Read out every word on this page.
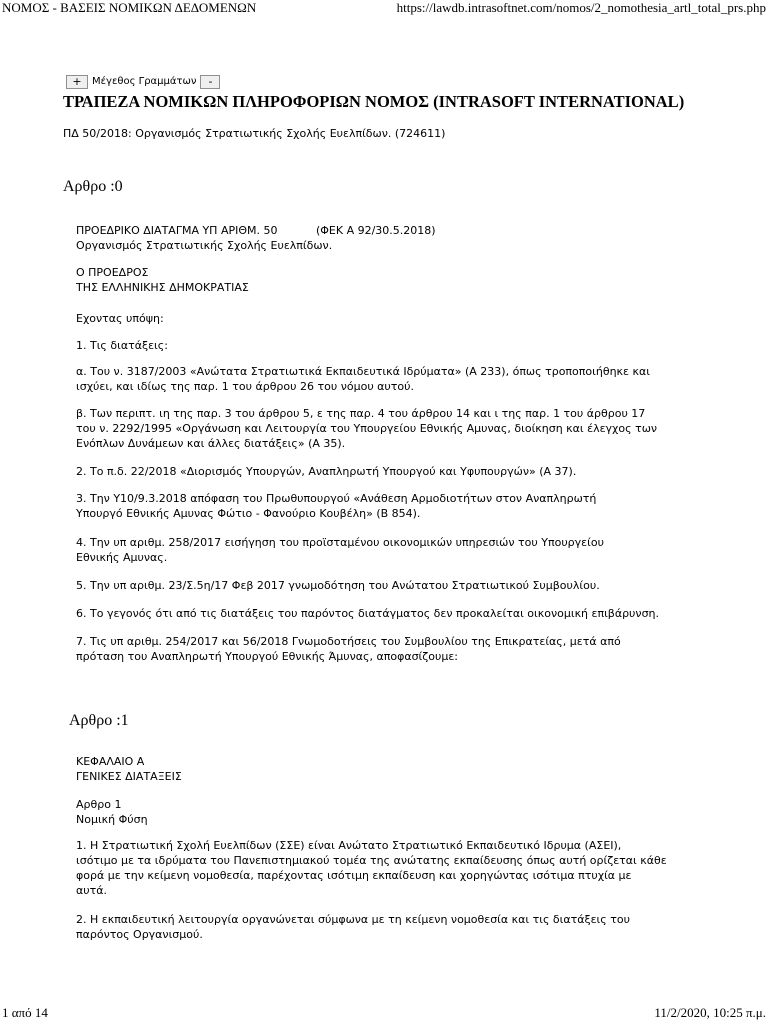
ΝΟΜΟΣ - ΒΑΣΕΙΣ ΝΟΜΙΚΩΝ ΔΕΔΟΜΕΝΩΝ	https://lawdb.intrasoftnet.com/nomos/2_nomothesia_artl_total_prs.php
+ Μέγεθος Γραμμάτων -
ΤΡΑΠΕΖΑ ΝΟΜΙΚΩΝ ΠΛΗΡΟΦΟΡΙΩΝ ΝΟΜΟΣ (INTRASOFT INTERNATIONAL)
ΠΔ 50/2018: Οργανισμός Στρατιωτικής Σχολής Ευελπίδων. (724611)
Αρθρο :0
ΠΡΟΕΔΡΙΚΟ ΔΙΑΤΑΓΜΑ ΥΠ ΑΡΙΘΜ. 50           (ΦΕΚ Α 92/30.5.2018)
Οργανισμός Στρατιωτικής Σχολής Ευελπίδων.
Ο ΠΡΟΕΔΡΟΣ
ΤΗΣ ΕΛΛΗΝΙΚΗΣ ΔΗΜΟΚΡΑΤΙΑΣ
Εχοντας υπόψη:
1. Τις διατάξεις:
α. Του ν. 3187/2003 «Ανώτατα Στρατιωτικά Εκπαιδευτικά Ιδρύματα» (Α 233), όπως τροποποιήθηκε και
ισχύει, και ιδίως της παρ. 1 του άρθρου 26 του νόμου αυτού.
β. Των περιπτ. ιη της παρ. 3 του άρθρου 5, ε της παρ. 4 του άρθρου 14 και ι της παρ. 1 του άρθρου 17
του ν. 2292/1995 «Οργάνωση και Λειτουργία του Υπουργείου Εθνικής Αμυνας, διοίκηση και έλεγχος των
Ενόπλων Δυνάμεων και άλλες διατάξεις» (Α 35).
2. Το π.δ. 22/2018 «Διορισμός Υπουργών, Αναπληρωτή Υπουργού και Υφυπουργών» (Α 37).
3. Την Υ10/9.3.2018 απόφαση του Πρωθυπουργού «Ανάθεση Αρμοδιοτήτων στον Αναπληρωτή
Υπουργό Εθνικής Αμυνας Φώτιο - Φανούριο Κουβέλη» (Β 854).
4. Την υπ αριθμ. 258/2017 εισήγηση του προϊσταμένου οικονομικών υπηρεσιών του Υπουργείου
Εθνικής Αμυνας.
5. Την υπ αριθμ. 23/Σ.5η/17 Φεβ 2017 γνωμοδότηση του Ανώτατου Στρατιωτικού Συμβουλίου.
6. Το γεγονός ότι από τις διατάξεις του παρόντος διατάγματος δεν προκαλείται οικονομική επιβάρυνση.
7. Τις υπ αριθμ. 254/2017 και 56/2018 Γνωμοδοτήσεις του Συμβουλίου της Επικρατείας, μετά από
πρόταση του Αναπληρωτή Υπουργού Εθνικής Άμυνας, αποφασίζουμε:
Αρθρο :1
ΚΕΦΑΛΑΙΟ Α
ΓΕΝΙΚΕΣ ΔΙΑΤΑΞΕΙΣ
Αρθρο 1
Νομική Φύση
1. Η Στρατιωτική Σχολή Ευελπίδων (ΣΣΕ) είναι Ανώτατο Στρατιωτικό Εκπαιδευτικό Ιδρυμα (ΑΣΕΙ),
ισότιμο με τα ιδρύματα του Πανεπιστημιακού τομέα της ανώτατης εκπαίδευσης όπως αυτή ορίζεται κάθε
φορά με την κείμενη νομοθεσία, παρέχοντας ισότιμη εκπαίδευση και χορηγώντας ισότιμα πτυχία με
αυτά.
2. Η εκπαιδευτική λειτουργία οργανώνεται σύμφωνα με τη κείμενη νομοθεσία και τις διατάξεις του
παρόντος Οργανισμού.
1 από 14	11/2/2020, 10:25 π.μ.
